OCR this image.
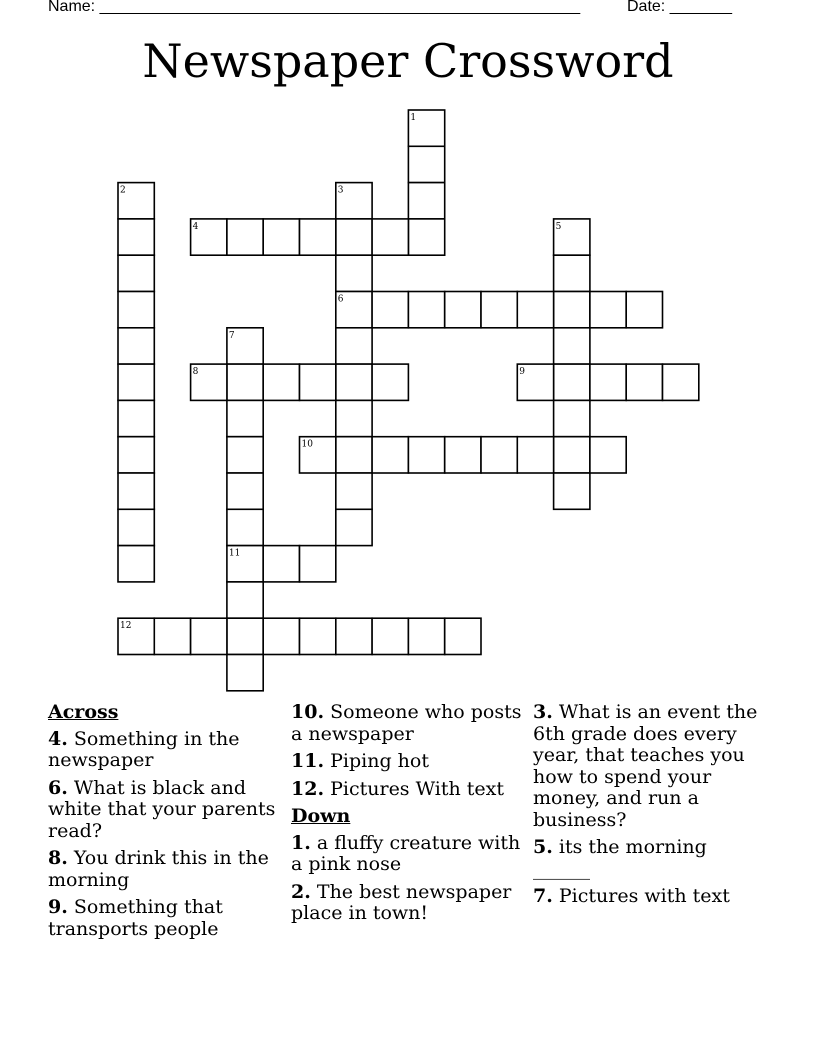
Name: ______________________________________________________	Date: _______
Newspaper Crossword
1
2	3
4	5
6
7
8	9
10
11
12
Across
4. Something in the newspaper
6. What is black and white that your parents read?
8. You drink this in the morning
9. Something that transports people
10. Someone who posts a newspaper
11. Piping hot
12. Pictures With text
Down
1. a fluffy creature with a pink nose
2. The best newspaper place in town!
3. What is an event the 6th grade does every year, that teaches you how to spend your money, and run a business?
5. its the morning ______
7. Pictures with text
